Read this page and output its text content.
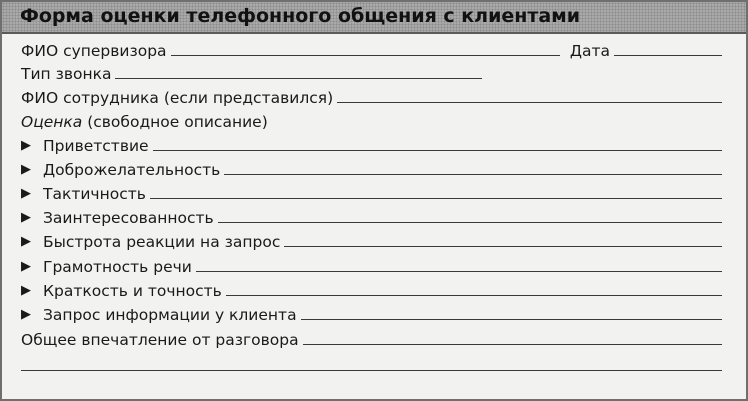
Форма оценки телефонного общения с клиентами
ФИО супервизора	Дата
Тип звонка
ФИО сотрудника (если представился)
Оценка (свободное описание)
▶ Приветствие
▶ Доброжелательность
▶ Тактичность
▶ Заинтересованность
▶ Быстрота реакции на запрос
▶ Грамотность речи
▶ Краткость и точность
▶ Запрос информации у клиента
Общее впечатление от разговора
